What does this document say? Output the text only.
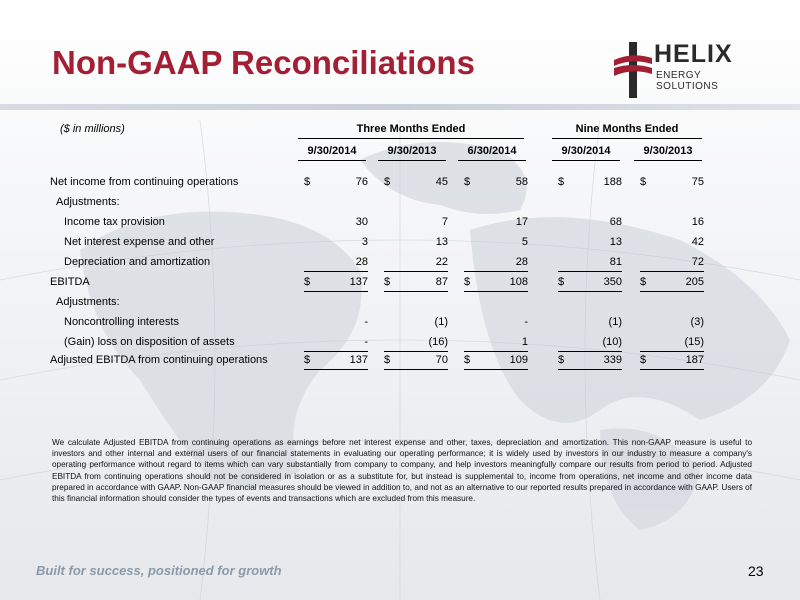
Non-GAAP Reconciliations	HELIX
ENERGY SOLUTIONS
($ in millions)	Three Months Ended	Nine Months Ended
9/30/2014	9/30/2013	6/30/2014	9/30/2014	9/30/2013
Net income from continuing operations	$	76 $	45 $	58	$	188 $	75
Adjustments:
Income tax provision	30	7	17	68	16
Net interest expense and other	3	13	5	13	42
Depreciation and amortization	28	22	28	81	72
EBITDA	$	137 $	87 $	108	$	350 $	205
Adjustments:
Noncontrolling interests	-	(1)	-	(1)	(3)
(Gain) loss on disposition of assets	-	(16)	1	(10)	(15)
Adjusted EBITDA from continuing operations	$	137 $	70 $	109	$	339 $	187
We calculate Adjusted EBITDA from continuing operations as earnings before net interest expense and other, taxes, depreciation and amortization. This non-GAAP measure is useful to investors and other internal and external users of our financial statements in evaluating our operating performance; it is widely used by investors in our industry to measure a company's operating performance without regard to items which can vary substantially from company to company, and help investors meaningfully compare our results from period to period. Adjusted EBITDA from continuing operations should not be considered in isolation or as a substitute for, but instead is supplemental to, income from operations, net income and other income data prepared in accordance with GAAP. Non-GAAP financial measures should be viewed in addition to, and not as an alternative to our reported results prepared in accordance with GAAP. Users of this financial information should consider the types of events and transactions which are excluded from this measure.
Built for success, positioned for growth	23
